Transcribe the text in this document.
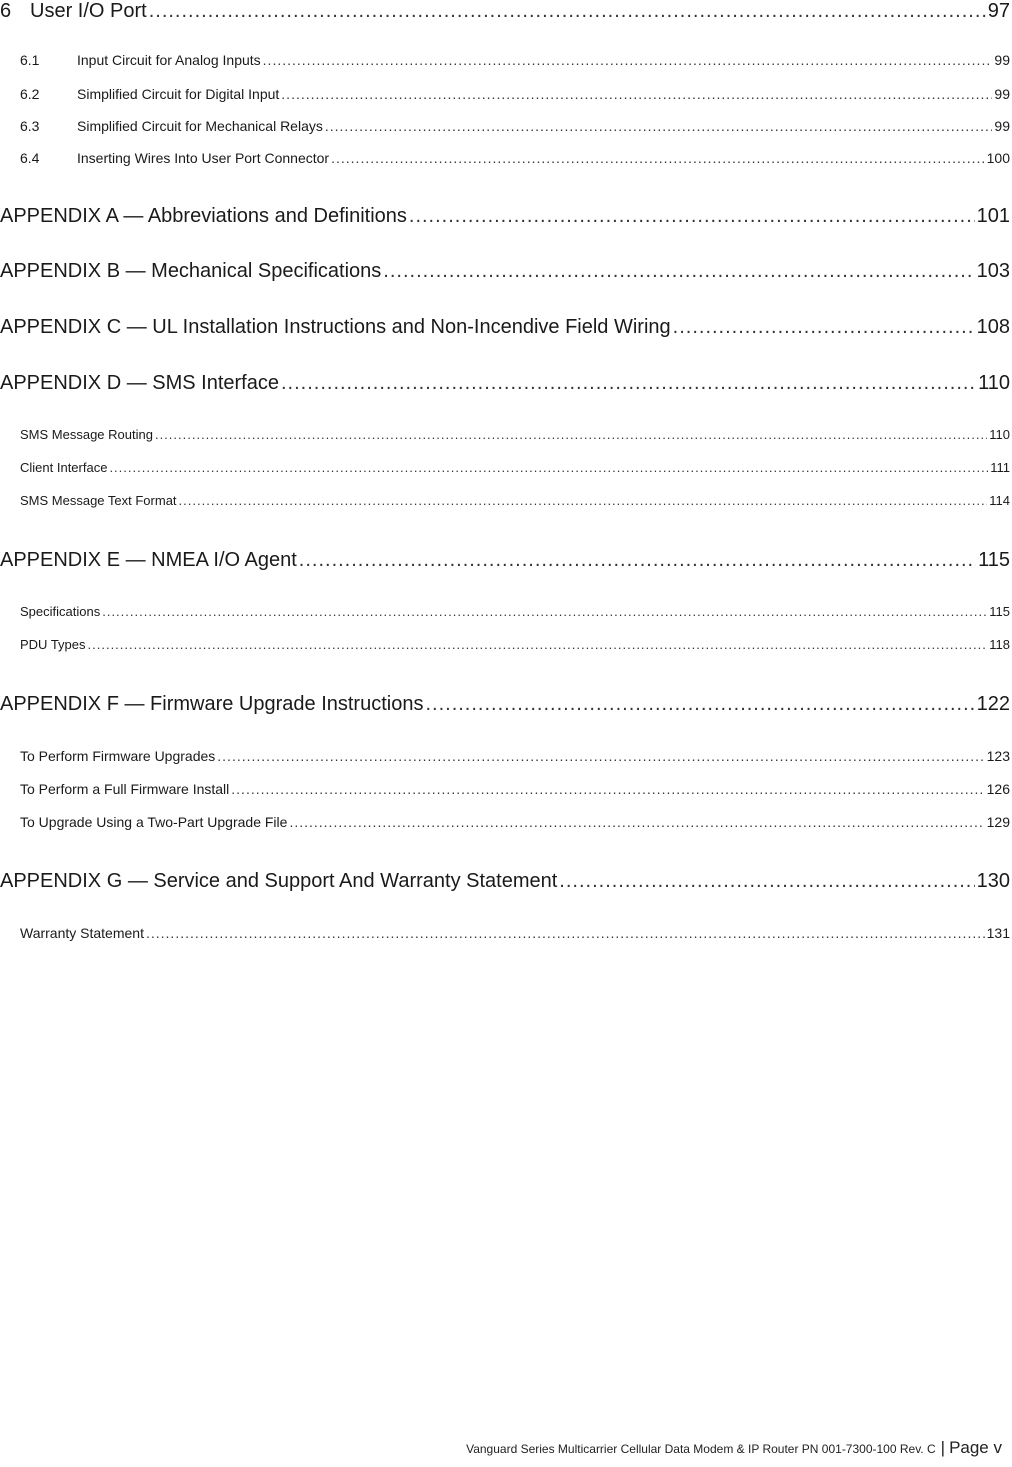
6 User I/O Port .....	97
6.1	Input Circuit for Analog Inputs .....	99
6.2	Simplified Circuit for Digital Input .....	99
6.3	Simplified Circuit for Mechanical Relays .....	99
6.4	Inserting Wires Into User Port Connector .....	100
APPENDIX A — Abbreviations and Definitions .....	101
APPENDIX B — Mechanical Specifications .....	103
APPENDIX C — UL Installation Instructions and Non-Incendive Field Wiring .....	108
APPENDIX D — SMS Interface .....	110
SMS Message Routing .....	110
Client Interface .....	111
SMS Message Text Format .....	114
APPENDIX E — NMEA I/O Agent .....	115
Specifications .....	115
PDU Types .....	118
APPENDIX F — Firmware Upgrade Instructions .....	122
To Perform Firmware Upgrades .....	123
To Perform a Full Firmware Install .....	126
To Upgrade Using a Two-Part Upgrade File .....	129
APPENDIX G — Service and Support And Warranty Statement .....	130
Warranty Statement .....	131
Vanguard Series Multicarrier Cellular Data Modem & IP Router PN 001-7300-100 Rev. C | Page v
